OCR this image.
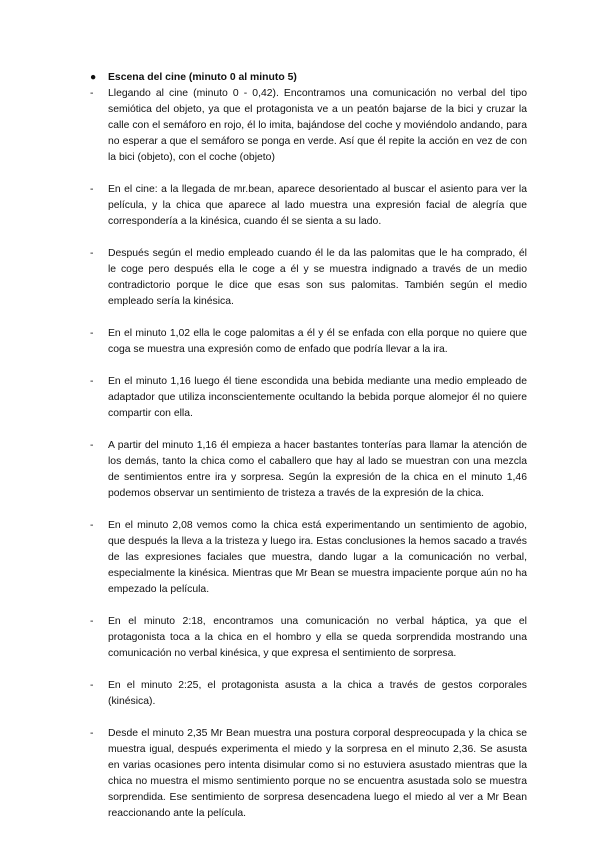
●	Escena del cine (minuto 0 al minuto 5)
-	Llegando al cine (minuto 0 - 0,42). Encontramos una comunicación no verbal del tipo semiótica del objeto, ya que el protagonista ve a un peatón bajarse de la bici y cruzar la calle con el semáforo en rojo, él lo imita, bajándose del coche y moviéndolo andando, para no esperar a que el semáforo se ponga en verde. Así que él repite la acción en vez de con la bici (objeto), con el coche (objeto)
-	En el cine: a la llegada de mr.bean, aparece desorientado al buscar el asiento para ver la película, y la chica que aparece al lado muestra una expresión facial de alegría que correspondería a la kinésica, cuando él se sienta a su lado.
-	Después según el medio empleado cuando él le da las palomitas que le ha comprado, él le coge pero después ella le coge a él y se muestra indignado a través de un medio contradictorio porque le dice que esas son sus palomitas. También según el medio empleado sería la kinésica.
-	En el minuto 1,02 ella le coge palomitas a él y él se enfada con ella porque no quiere que coga se muestra una expresión como de enfado que podría llevar a la ira.
-	En el minuto 1,16 luego él tiene escondida una bebida mediante una medio empleado de adaptador que utiliza inconscientemente ocultando la bebida porque alomejor él no quiere compartir con ella.
-	A partir del minuto 1,16 él empieza a hacer bastantes tonterías para llamar la atención de los demás, tanto la chica como el caballero que hay al lado se muestran con una mezcla de sentimientos entre ira y sorpresa. Según la expresión de la chica en el minuto 1,46 podemos observar un sentimiento de tristeza a través de la expresión de la chica.
-	En el minuto 2,08 vemos como la chica está experimentando un sentimiento de agobio, que después la lleva a la tristeza y luego ira. Estas conclusiones la hemos sacado a través de las expresiones faciales que muestra, dando lugar a la comunicación no verbal, especialmente la kinésica. Mientras que Mr Bean se muestra impaciente porque aún no ha empezado la película.
-	En el minuto 2:18, encontramos una comunicación no verbal háptica, ya que el protagonista toca a la chica en el hombro y ella se queda sorprendida mostrando una comunicación no verbal kinésica, y que expresa el sentimiento de sorpresa.
-	En el minuto 2:25, el protagonista asusta a la chica a través de gestos corporales (kinésica).
-	Desde el minuto 2,35 Mr Bean muestra una postura corporal despreocupada y la chica se muestra igual, después experimenta el miedo y la sorpresa en el minuto 2,36. Se asusta en varias ocasiones pero intenta disimular como si no estuviera asustado mientras que la chica no muestra el mismo sentimiento porque no se encuentra asustada solo se muestra sorprendida. Ese sentimiento de sorpresa desencadena luego el miedo al ver a Mr Bean reaccionando ante la película.
